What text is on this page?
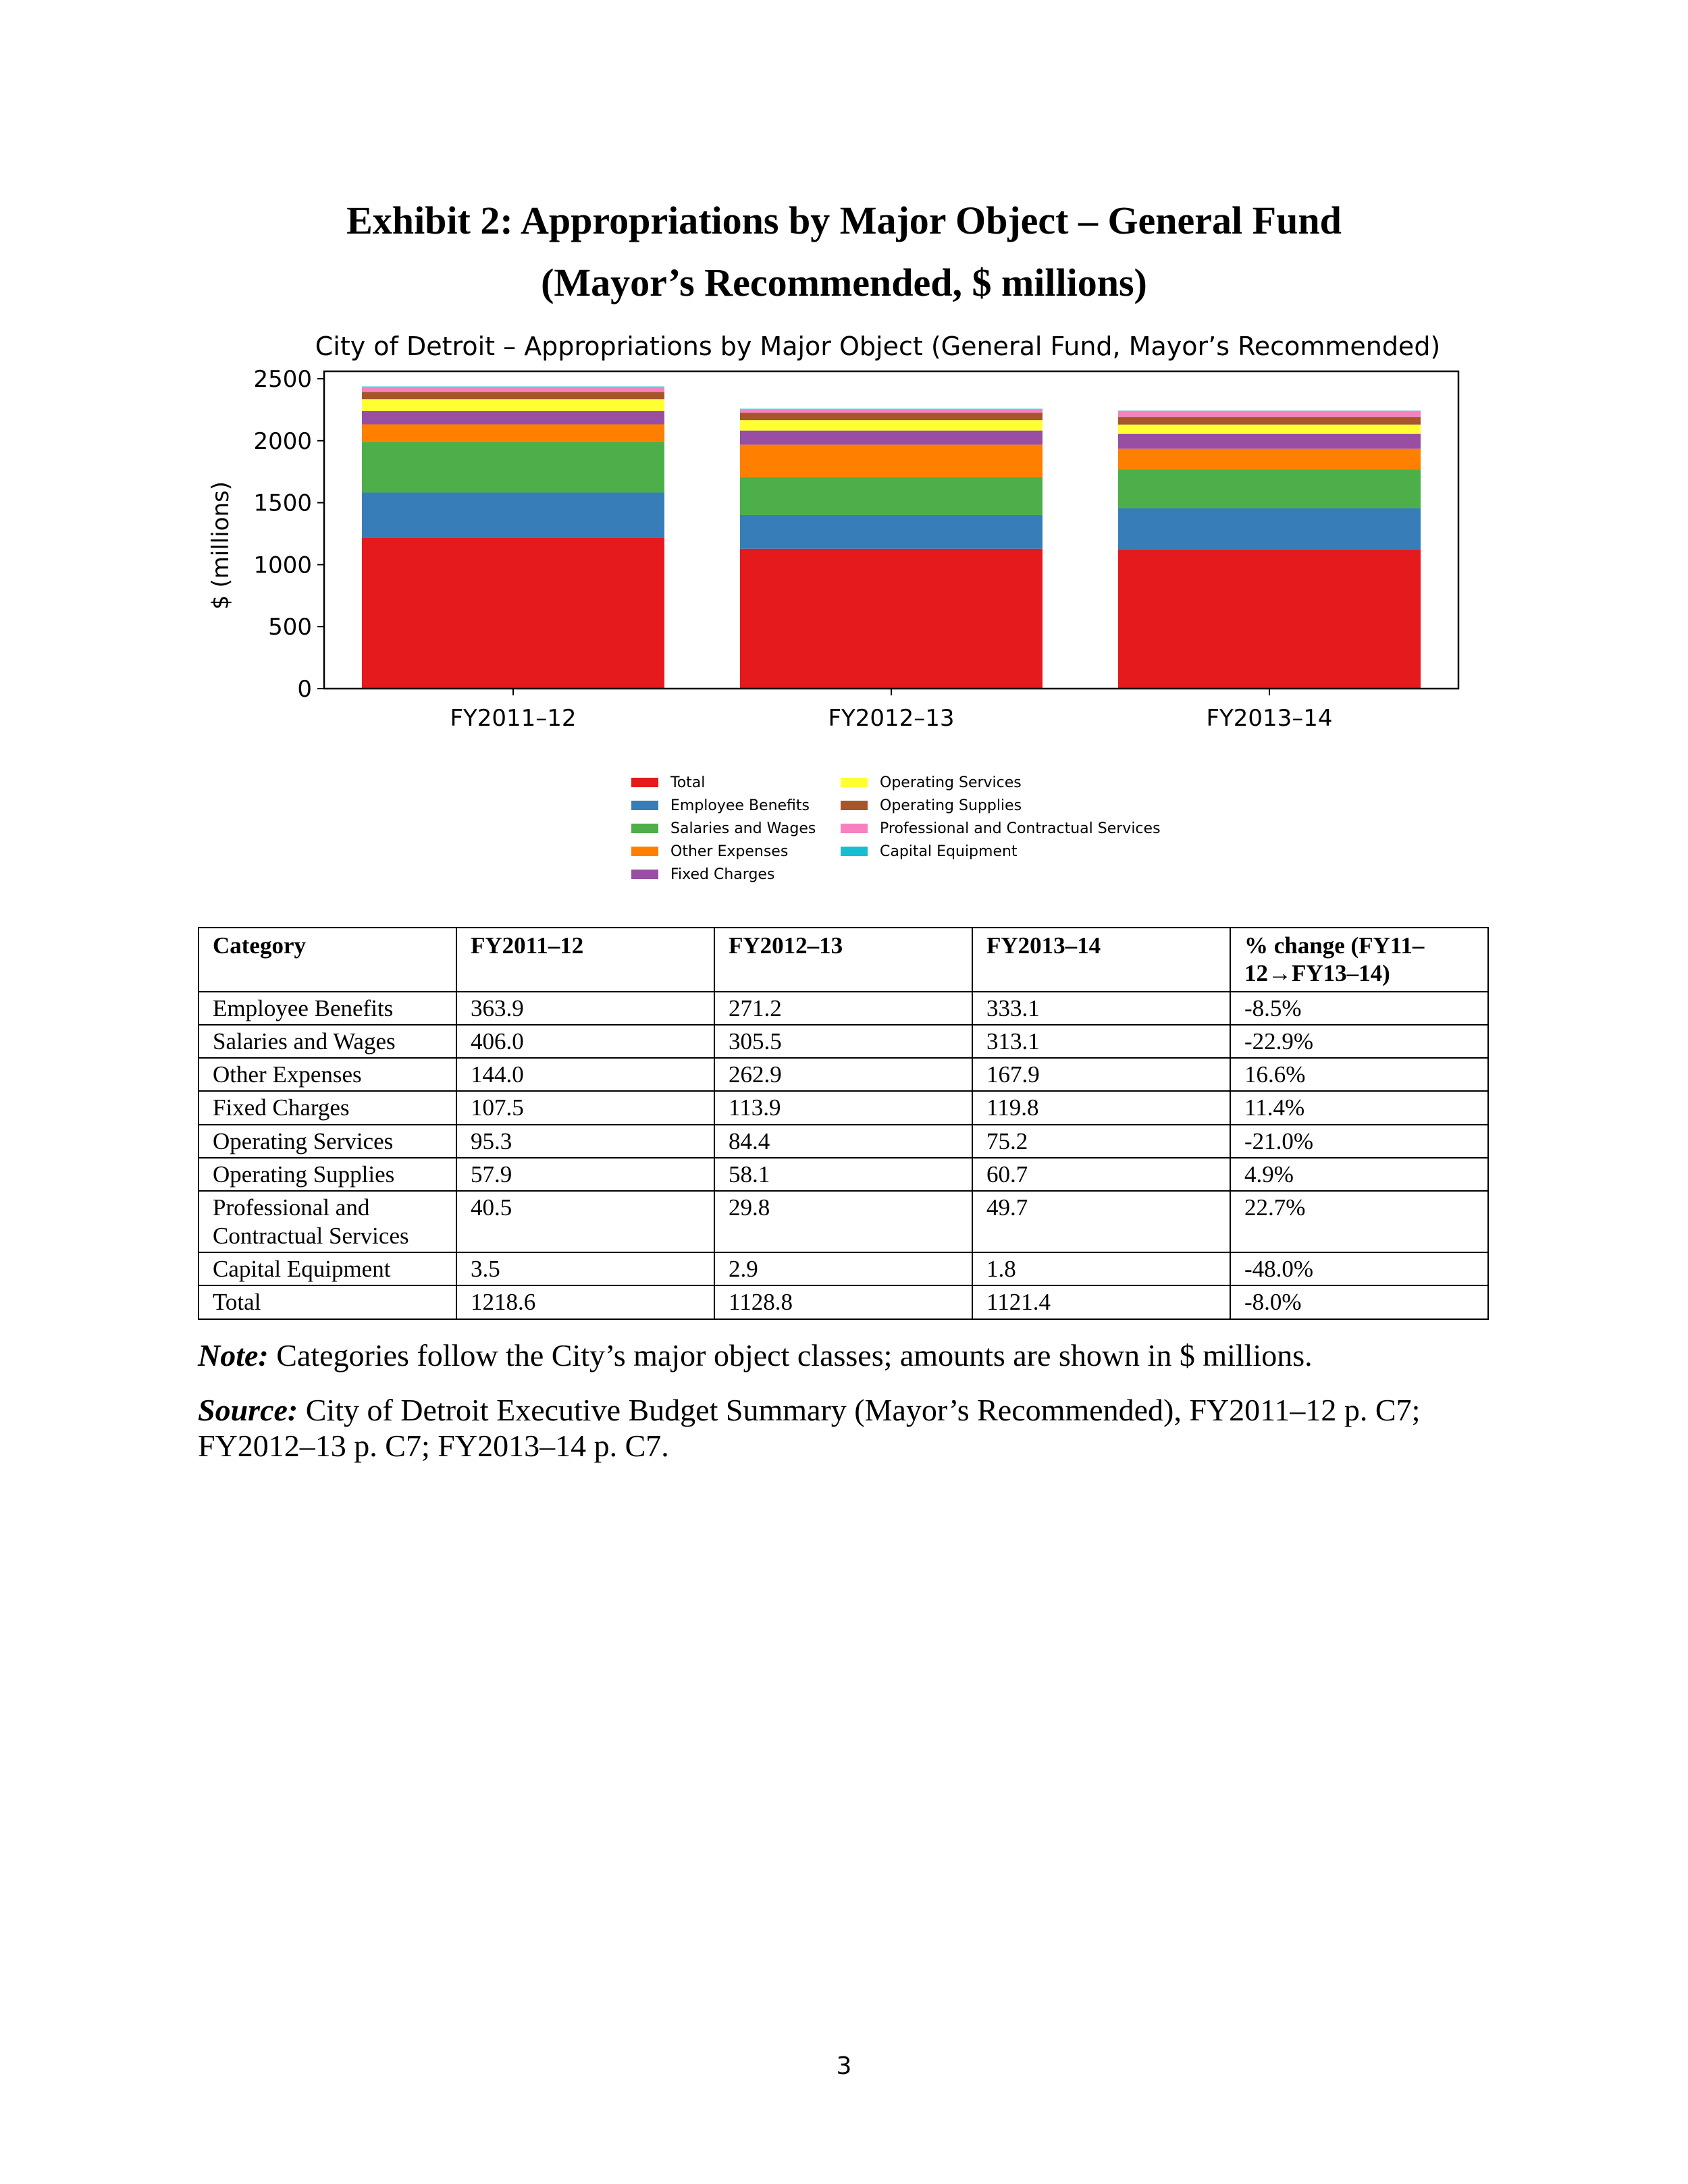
Exhibit 2: Appropriations by Major Object – General Fund
(Mayor’s Recommended, $ millions)
City of Detroit – Appropriations by Major Object (General Fund, Mayor’s Recommended)
FY2011–12	FY2012–13	FY2013–14
0
500
1000
1500
2000
2500
$ (millions)
Total
Employee Benefits
Salaries and Wages
Other Expenses
Fixed Charges
Operating Services
Operating Supplies
Professional and Contractual Services
Capital Equipment
Category	FY2011–12	FY2012–13	FY2013–14	% change (FY11–12→FY13–14)
Employee Benefits	363.9	271.2	333.1	-8.5%
Salaries and Wages	406.0	305.5	313.1	-22.9%
Other Expenses	144.0	262.9	167.9	16.6%
Fixed Charges	107.5	113.9	119.8	11.4%
Operating Services	95.3	84.4	75.2	-21.0%
Operating Supplies	57.9	58.1	60.7	4.9%
Professional and Contractual Services	40.5	29.8	49.7	22.7%
Capital Equipment	3.5	2.9	1.8	-48.0%
Total	1218.6	1128.8	1121.4	-8.0%
Note: Categories follow the City’s major object classes; amounts are shown in $ millions.
Source: City of Detroit Executive Budget Summary (Mayor’s Recommended), FY2011–12 p. C7; FY2012–13 p. C7; FY2013–14 p. C7.
3
